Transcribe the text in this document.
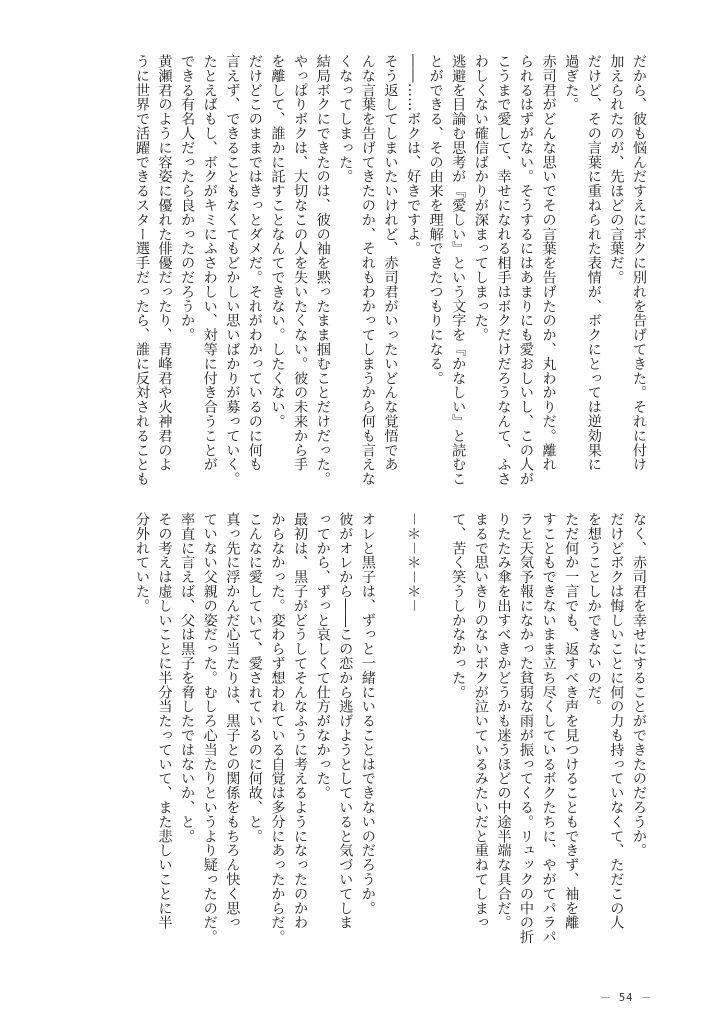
だから、彼も悩んだすえにボクに別れを告げてきた。それに付け
加えられたのが、先ほどの言葉だ。
だけど、その言葉に重ねられた表情が、ボクにとっては逆効果に
過ぎた。
赤司君がどんな思いでその言葉を告げたのか、丸わかりだ。離れ
られるはずがない。そうするにはあまりにも愛おしいし、この人が
こうまで愛して、幸せになれる相手はボクだけだろうなんて、ふさ
わしくない確信ばかりが深まってしまった。
逃避を目論む思考が『愛しい』という文字を『かなしい』と読むこ
とができる、その由来を理解できたつもりになる。
――……ボクは、好きですよ。
そう返してしまいたいけれど、赤司君がいったいどんな覚悟であ
んな言葉を告げてきたのか、それもわかってしまうから何も言えな
くなってしまった。
結局ボクにできたのは、彼の袖を黙ったまま掴むことだけだった。
やっぱりボクは、大切なこの人を失いたくない。彼の未来から手
を離して、誰かに託すことなんてできない。したくない。
だけどこのままではきっとダメだ。それがわかっているのに何も
言えず、できることもなくてもどかしい思いばかりが募っていく。
たとえばもし、ボクがキミにふさわしい、対等に付き合うことが
できる有名人だったら良かったのだろうか。
黄瀬君のように容姿に優れた俳優だったり、青峰君や火神君のよ
うに世界で活躍できるスター選手だったら、誰に反対されることも
なく、赤司君を幸せにすることができたのだろうか。
だけどボクは悔しいことに何の力も持っていなくて、ただこの人
を想うことしかできないのだ。
ただ何か一言でも、返すべき声を見つけることもできず、袖を離
すこともできないまま立ち尽くしているボクたちに、やがてパラパ
ラと天気予報になかった貧弱な雨が振ってくる。リュックの中の折
りたたみ傘を出すべきかどうかも迷うほどの中途半端な具合だ。
まるで思いきりのないボクが泣いているみたいだと重ねてしまっ
て、苦く笑うしかなかった。

－＊－＊－＊－

オレと黒子は、ずっと一緒にいることはできないのだろうか。
彼がオレから――この恋から逃げようとしていると気づいてしま
ってから、ずっと哀しくて仕方がなかった。
最初は、黒子がどうしてそんなふうに考えるようになったのかわ
からなかった。変わらず想われている自覚は多分にあったからだ。
こんなに愛していて、愛されているのに何故、と。
真っ先に浮かんだ心当たりは、黒子との関係をもちろん快く思っ
ていない父親の姿だった。むしろ心当たりというより疑ったのだ。
率直に言えば、父は黒子を脅したではないか、と。
その考えは虚しいことに半分当たっていて、また悲しいことに半
分外れていた。
－ 54 －
